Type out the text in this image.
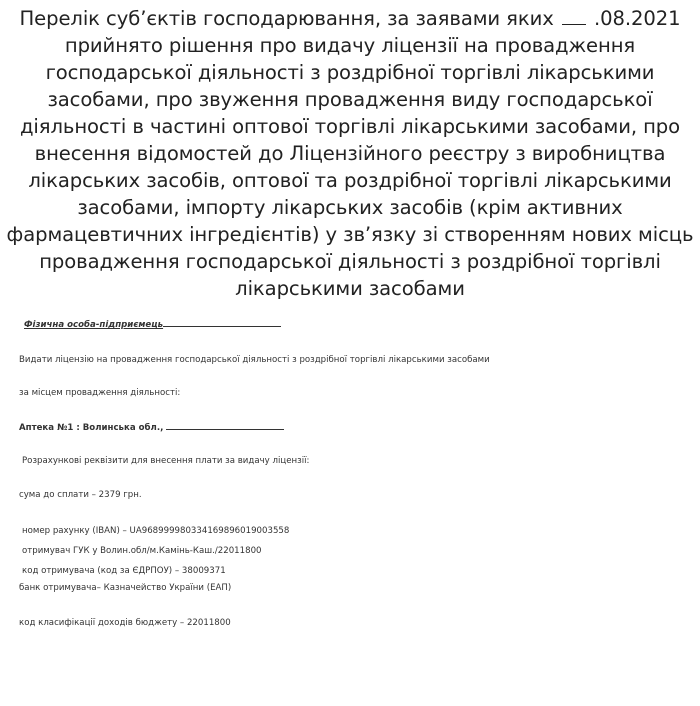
Перелік суб’єктів господарювання, за заявами яких .08.2021 прийнято рішення про видачу ліцензії на провадження господарської діяльності з роздрібної торгівлі лікарськими засобами, про звуження провадження виду господарської діяльності в частині оптової торгівлі лікарськими засобами, про внесення відомостей до Ліцензійного реєстру з виробництва лікарських засобів, оптової та роздрібної торгівлі лікарськими засобами, імпорту лікарських засобів (крім активних фармацевтичних інгредієнтів) у зв’язку зі створенням нових місць провадження господарської діяльності з роздрібної торгівлі лікарськими засобами
Фізична особа-підприємець
Видати ліцензію на провадження господарської діяльності з роздрібної торгівлі лікарськими засобами
за місцем провадження діяльності:
Аптека №1 : Волинська обл.,
Розрахункові реквізити для внесення плати за видачу ліцензії:
сума до сплати – 2379 грн.
номер рахунку (IBAN) – UA968999980334169896019003558
отримувач ГУК у Волин.обл/м.Камінь-Каш./22011800
код отримувача (код за ЄДРПОУ) – 38009371
банк отримувача– Казначейство України (ЕАП)
код класифікації доходів бюджету – 22011800
